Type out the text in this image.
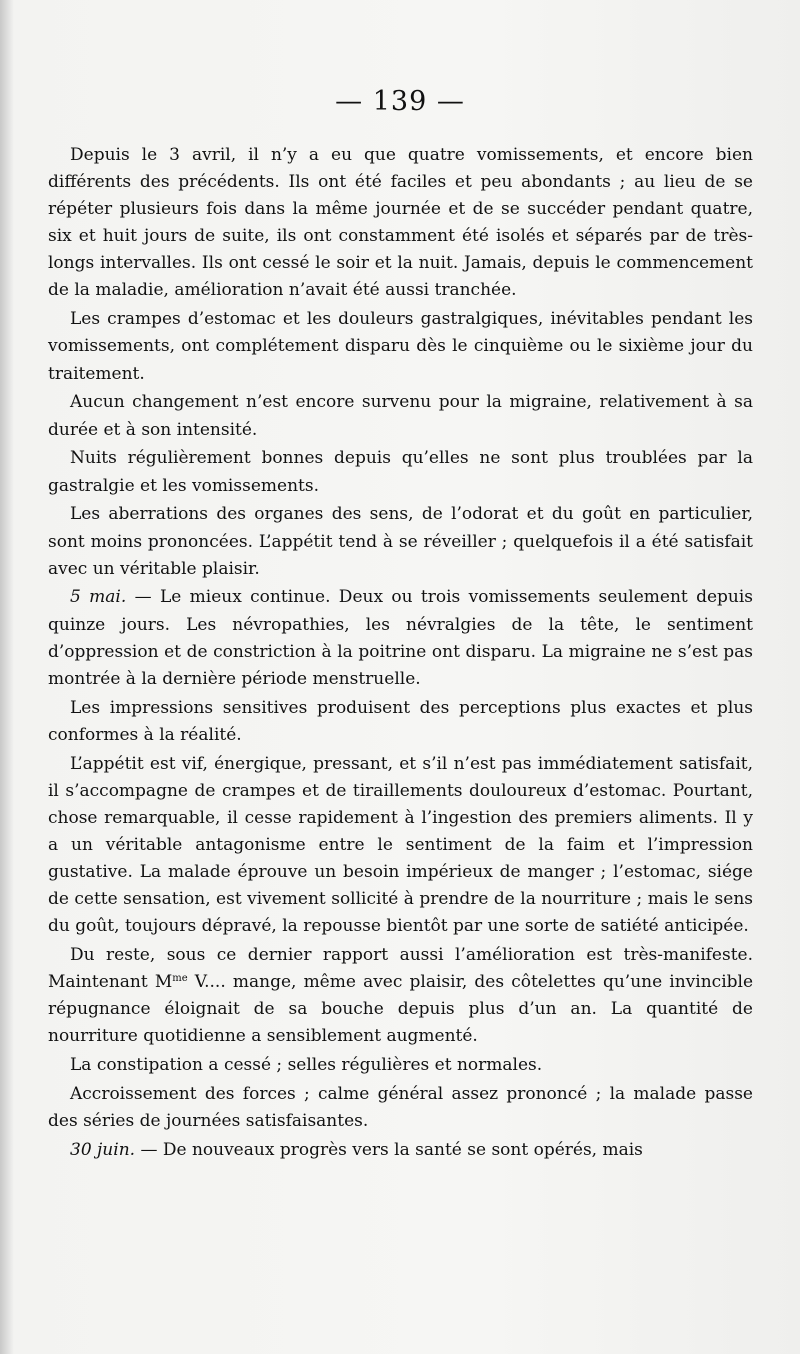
— 139 —

Depuis le 3 avril, il n’y a eu que quatre vomissements, et encore bien différents des précédents. Ils ont été faciles et peu abondants ; au lieu de se répéter plusieurs fois dans la même journée et de se succéder pendant quatre, six et huit jours de suite, ils ont constamment été isolés et séparés par de très-longs intervalles. Ils ont cessé le soir et la nuit. Jamais, depuis le commencement de la maladie, amélioration n’avait été aussi tranchée.

Les crampes d’estomac et les douleurs gastralgiques, inévitables pendant les vomissements, ont complétement disparu dès le cinquième ou le sixième jour du traitement.

Aucun changement n’est encore survenu pour la migraine, relativement à sa durée et à son intensité.

Nuits régulièrement bonnes depuis qu’elles ne sont plus troublées par la gastralgie et les vomissements.

Les aberrations des organes des sens, de l’odorat et du goût en particulier, sont moins prononcées. L’appétit tend à se réveiller ; quelquefois il a été satisfait avec un véritable plaisir.

5 mai. — Le mieux continue. Deux ou trois vomissements seulement depuis quinze jours. Les névropathies, les névralgies de la tête, le sentiment d’oppression et de constriction à la poitrine ont disparu. La migraine ne s’est pas montrée à la dernière période menstruelle.

Les impressions sensitives produisent des perceptions plus exactes et plus conformes à la réalité.

L’appétit est vif, énergique, pressant, et s’il n’est pas immédiatement satisfait, il s’accompagne de crampes et de tiraillements douloureux d’estomac. Pourtant, chose remarquable, il cesse rapidement à l’ingestion des premiers aliments. Il y a un véritable antagonisme entre le sentiment de la faim et l’impression gustative. La malade éprouve un besoin impérieux de manger ; l’estomac, siége de cette sensation, est vivement sollicité à prendre de la nourriture ; mais le sens du goût, toujours dépravé, la repousse bientôt par une sorte de satiété anticipée.

Du reste, sous ce dernier rapport aussi l’amélioration est très-manifeste. Maintenant $M^{me}$ V.... mange, même avec plaisir, des côtelettes qu’une invincible répugnance éloignait de sa bouche depuis plus d’un an. La quantité de nourriture quotidienne a sensiblement augmenté.

La constipation a cessé ; selles régulières et normales.

Accroissement des forces ; calme général assez prononcé ; la malade passe des séries de journées satisfaisantes.

30 juin. — De nouveaux progrès vers la santé se sont opérés, mais
